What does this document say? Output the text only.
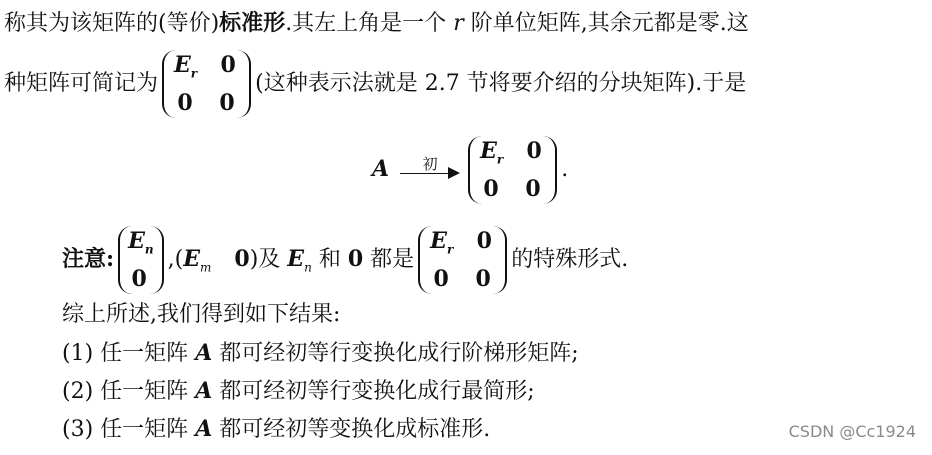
称其为该矩阵的(等价)标准形.其左上角是一个 r 阶单位矩阵,其余元都是零.这
种矩阵可简记为
$E_r$ 0
0 0
(这种表示法就是 2.7 节将要介绍的分块矩阵).于是
A	初
$E_r$ 0
0 0
.
注意:
$E_n$
0
$,(E_m$ 0)及 $E_n$ 和 0 都是
$E_r$ 0
0 0
的特殊形式.
综上所述,我们得到如下结果:
(1) 任一矩阵 A 都可经初等行变换化成行阶梯形矩阵;
(2) 任一矩阵 A 都可经初等行变换化成行最简形;
(3) 任一矩阵 A 都可经初等变换化成标准形.	CSDN @Cc1924
